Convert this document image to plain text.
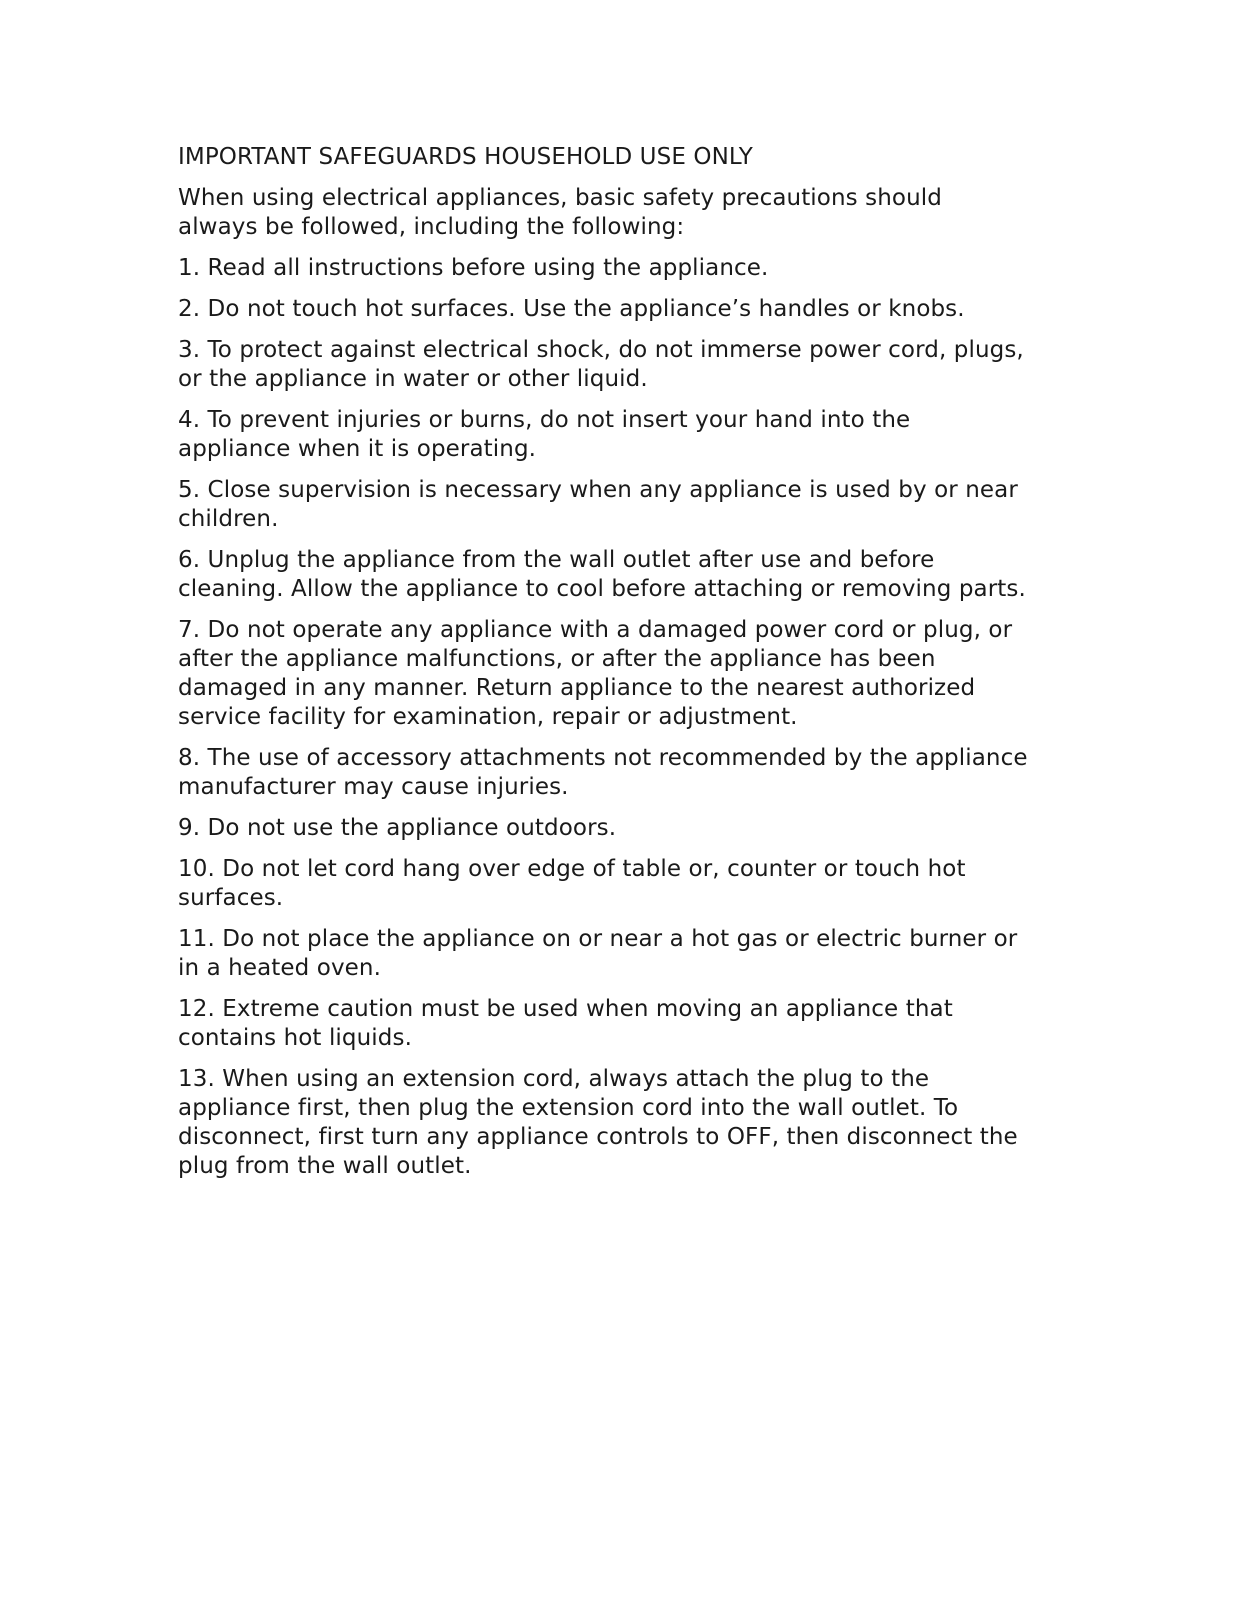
IMPORTANT SAFEGUARDS HOUSEHOLD USE ONLY
When using electrical appliances, basic safety precautions should always be followed, including the following:
1. Read all instructions before using the appliance.
2. Do not touch hot surfaces. Use the appliance’s handles or knobs.
3. To protect against electrical shock, do not immerse power cord, plugs, or the appliance in water or other liquid.
4. To prevent injuries or burns, do not insert your hand into the appliance when it is operating.
5. Close supervision is necessary when any appliance is used by or near children.
6. Unplug the appliance from the wall outlet after use and before cleaning. Allow the appliance to cool before attaching or removing parts.
7. Do not operate any appliance with a damaged power cord or plug, or after the appliance malfunctions, or after the appliance has been damaged in any manner. Return appliance to the nearest authorized service facility for examination, repair or adjustment.
8. The use of accessory attachments not recommended by the appliance manufacturer may cause injuries.
9. Do not use the appliance outdoors.
10. Do not let cord hang over edge of table or, counter or touch hot surfaces.
11. Do not place the appliance on or near a hot gas or electric burner or in a heated oven.
12. Extreme caution must be used when moving an appliance that contains hot liquids.
13. When using an extension cord, always attach the plug to the appliance first, then plug the extension cord into the wall outlet. To disconnect, first turn any appliance controls to OFF, then disconnect the plug from the wall outlet.
